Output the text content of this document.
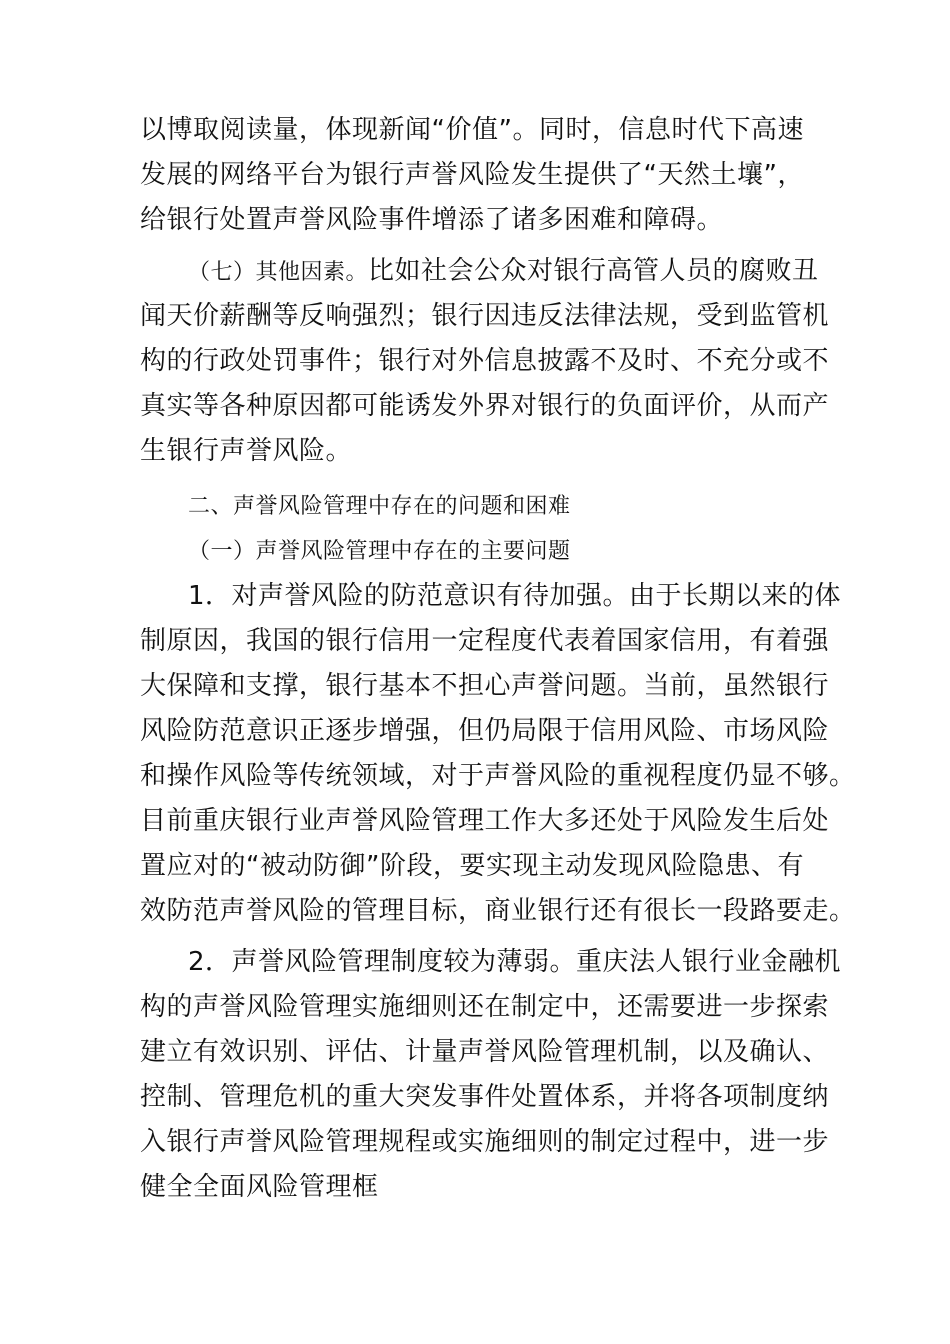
以博取阅读量，体现新闻“价值”。同时，信息时代下高速
发展的网络平台为银行声誉风险发生提供了“天然土壤”，
给银行处置声誉风险事件增添了诸多困难和障碍。
（七）其他因素。比如社会公众对银行高管人员的腐败丑
闻天价薪酬等反响强烈；银行因违反法律法规，受到监管机
构的行政处罚事件；银行对外信息披露不及时、不充分或不
真实等各种原因都可能诱发外界对银行的负面评价，从而产
生银行声誉风险。
二、声誉风险管理中存在的问题和困难
（一）声誉风险管理中存在的主要问题
1．对声誉风险的防范意识有待加强。由于长期以来的体
制原因，我国的银行信用一定程度代表着国家信用，有着强
大保障和支撑，银行基本不担心声誉问题。当前，虽然银行
风险防范意识正逐步增强，但仍局限于信用风险、市场风险
和操作风险等传统领域，对于声誉风险的重视程度仍显不够。
目前重庆银行业声誉风险管理工作大多还处于风险发生后处
置应对的“被动防御”阶段，要实现主动发现风险隐患、有
效防范声誉风险的管理目标，商业银行还有很长一段路要走。
2．声誉风险管理制度较为薄弱。重庆法人银行业金融机
构的声誉风险管理实施细则还在制定中，还需要进一步探索
建立有效识别、评估、计量声誉风险管理机制，以及确认、
控制、管理危机的重大突发事件处置体系，并将各项制度纳
入银行声誉风险管理规程或实施细则的制定过程中，进一步
健全全面风险管理框
